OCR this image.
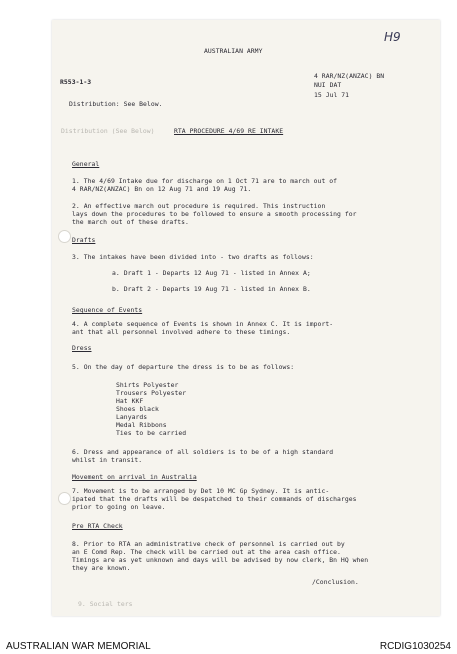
H9
AUSTRALIAN ARMY
R553-1-3
4 RAR/NZ(ANZAC) BN
NUI DAT
15 Jul 71
Distribution: See Below.
Distribution (See Below)	RTA PROCEDURE 4/69 RE INTAKE
General
1. The 4/69 Intake due for discharge on 1 Oct 71 are to march out of
4 RAR/NZ(ANZAC) Bn on 12 Aug 71 and 19 Aug 71.
2. An effective march out procedure is required. This instruction
lays down the procedures to be followed to ensure a smooth processing for
the march out of these drafts.
Drafts
3. The intakes have been divided into - two drafts as follows:
a. Draft 1 - Departs 12 Aug 71 - listed in Annex A;
b. Draft 2 - Departs 19 Aug 71 - listed in Annex B.
Sequence of Events
4. A complete sequence of Events is shown in Annex C. It is import-
ant that all personnel involved adhere to these timings.
Dress
5. On the day of departure the dress is to be as follows:
Shirts Polyester
Trousers Polyester
Hat KKF
Shoes black
Lanyards
Medal Ribbons
Ties to be carried
6. Dress and appearance of all soldiers is to be of a high standard
whilst in transit.
Movement on arrival in Australia
7. Movement is to be arranged by Det 10 MC Gp Sydney. It is antic-
ipated that the drafts will be despatched to their commands of discharges
prior to going on leave.
Pre RTA Check
8. Prior to RTA an administrative check of personnel is carried out by
an E Comd Rep. The check will be carried out at the area cash office.
Timings are as yet unknown and days will be advised by now clerk, Bn HQ when
they are known.
/Conclusion.
9. Social ters
AUSTRALIAN WAR MEMORIAL	RCDIG1030254
